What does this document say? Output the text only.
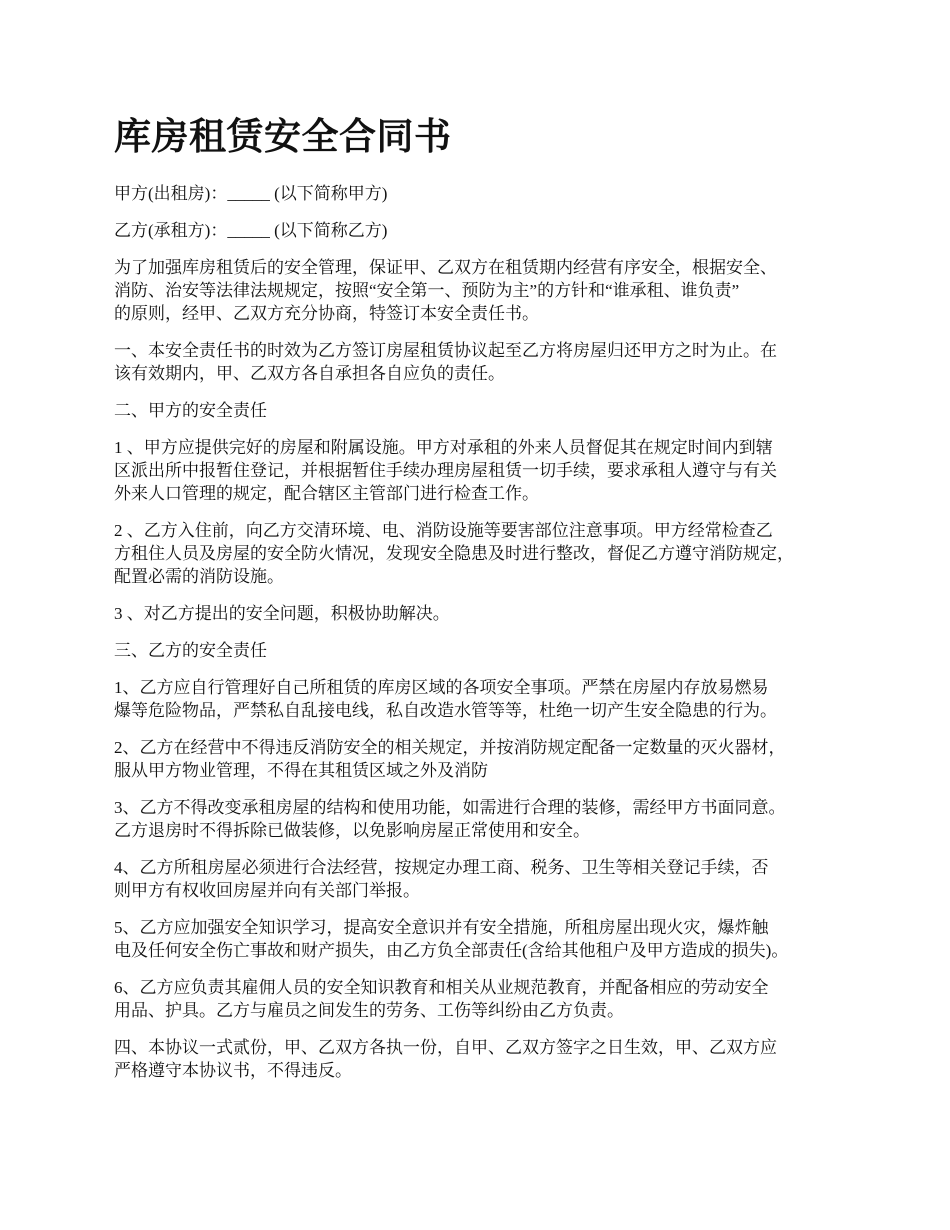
库房租赁安全合同书

甲方(出租房)：_____ (以下简称甲方)

乙方(承租方)：_____ (以下简称乙方)

为了加强库房租赁后的安全管理，保证甲、乙双方在租赁期内经营有序安全，根据安全、
消防、治安等法律法规规定，按照“安全第一、预防为主”的方针和“谁承租、谁负责”
的原则，经甲、乙双方充分协商，特签订本安全责任书。

一、本安全责任书的时效为乙方签订房屋租赁协议起至乙方将房屋归还甲方之时为止。在
该有效期内，甲、乙双方各自承担各自应负的责任。

二、甲方的安全责任

1 、甲方应提供完好的房屋和附属设施。甲方对承租的外来人员督促其在规定时间内到辖
区派出所中报暂住登记，并根据暂住手续办理房屋租赁一切手续，要求承租人遵守与有关
外来人口管理的规定，配合辖区主管部门进行检查工作。

2 、乙方入住前，向乙方交清环境、电、消防设施等要害部位注意事项。甲方经常检查乙
方租住人员及房屋的安全防火情况，发现安全隐患及时进行整改，督促乙方遵守消防规定，
配置必需的消防设施。

3 、对乙方提出的安全问题，积极协助解决。

三、乙方的安全责任

1、乙方应自行管理好自己所租赁的库房区域的各项安全事项。严禁在房屋内存放易燃易
爆等危险物品，严禁私自乱接电线，私自改造水管等等，杜绝一切产生安全隐患的行为。

2、乙方在经营中不得违反消防安全的相关规定，并按消防规定配备一定数量的灭火器材，
服从甲方物业管理，不得在其租赁区域之外及消防

3、乙方不得改变承租房屋的结构和使用功能，如需进行合理的装修，需经甲方书面同意。
乙方退房时不得拆除已做装修，以免影响房屋正常使用和安全。

4、乙方所租房屋必须进行合法经营，按规定办理工商、税务、卫生等相关登记手续，否
则甲方有权收回房屋并向有关部门举报。

5、乙方应加强安全知识学习，提高安全意识并有安全措施，所租房屋出现火灾，爆炸触
电及任何安全伤亡事故和财产损失，由乙方负全部责任(含给其他租户及甲方造成的损失)。

6、乙方应负责其雇佣人员的安全知识教育和相关从业规范教育，并配备相应的劳动安全
用品、护具。乙方与雇员之间发生的劳务、工伤等纠纷由乙方负责。

四、本协议一式贰份，甲、乙双方各执一份，自甲、乙双方签字之日生效，甲、乙双方应
严格遵守本协议书，不得违反。
